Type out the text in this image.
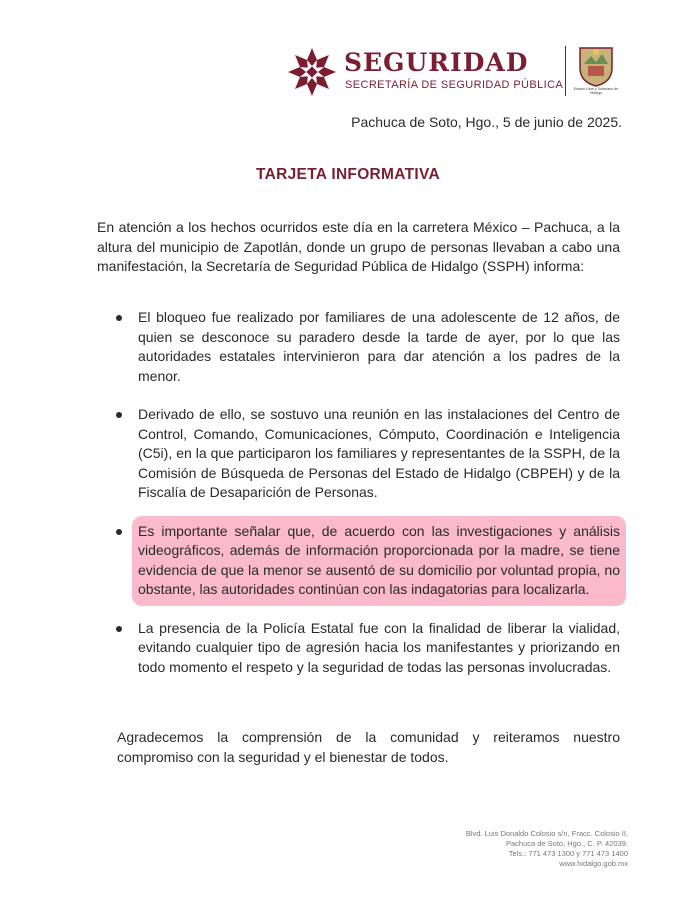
SEGURIDAD
SECRETARÍA DE SEGURIDAD PÚBLICA	Estado Libre y Soberano de Hidalgo
Pachuca de Soto, Hgo., 5 de junio de 2025.
TARJETA INFORMATIVA

En atención a los hechos ocurridos este día en la carretera México – Pachuca, a la altura del municipio de Zapotlán, donde un grupo de personas llevaban a cabo una manifestación, la Secretaría de Seguridad Pública de Hidalgo (SSPH) informa:

El bloqueo fue realizado por familiares de una adolescente de 12 años, de quien se desconoce su paradero desde la tarde de ayer, por lo que las autoridades estatales intervinieron para dar atención a los padres de la menor.
Derivado de ello, se sostuvo una reunión en las instalaciones del Centro de Control, Comando, Comunicaciones, Cómputo, Coordinación e Inteligencia (C5i), en la que participaron los familiares y representantes de la SSPH, de la Comisión de Búsqueda de Personas del Estado de Hidalgo (CBPEH) y de la Fiscalía de Desaparición de Personas.
Es importante señalar que, de acuerdo con las investigaciones y análisis videográficos, además de información proporcionada por la madre, se tiene evidencia de que la menor se ausentó de su domicilio por voluntad propia, no obstante, las autoridades continúan con las indagatorias para localizarla.
La presencia de la Policía Estatal fue con la finalidad de liberar la vialidad, evitando cualquier tipo de agresión hacia los manifestantes y priorizando en todo momento el respeto y la seguridad de todas las personas involucradas.

Agradecemos la comprensión de la comunidad y reiteramos nuestro compromiso con la seguridad y el bienestar de todos.

Blvd. Luis Donaldo Colosio s/n, Fracc. Colosio II,
Pachuca de Soto, Hgo., C. P. 42039.
Tels.: 771 473 1300 y 771 473 1400
www.hidalgo.gob.mx
